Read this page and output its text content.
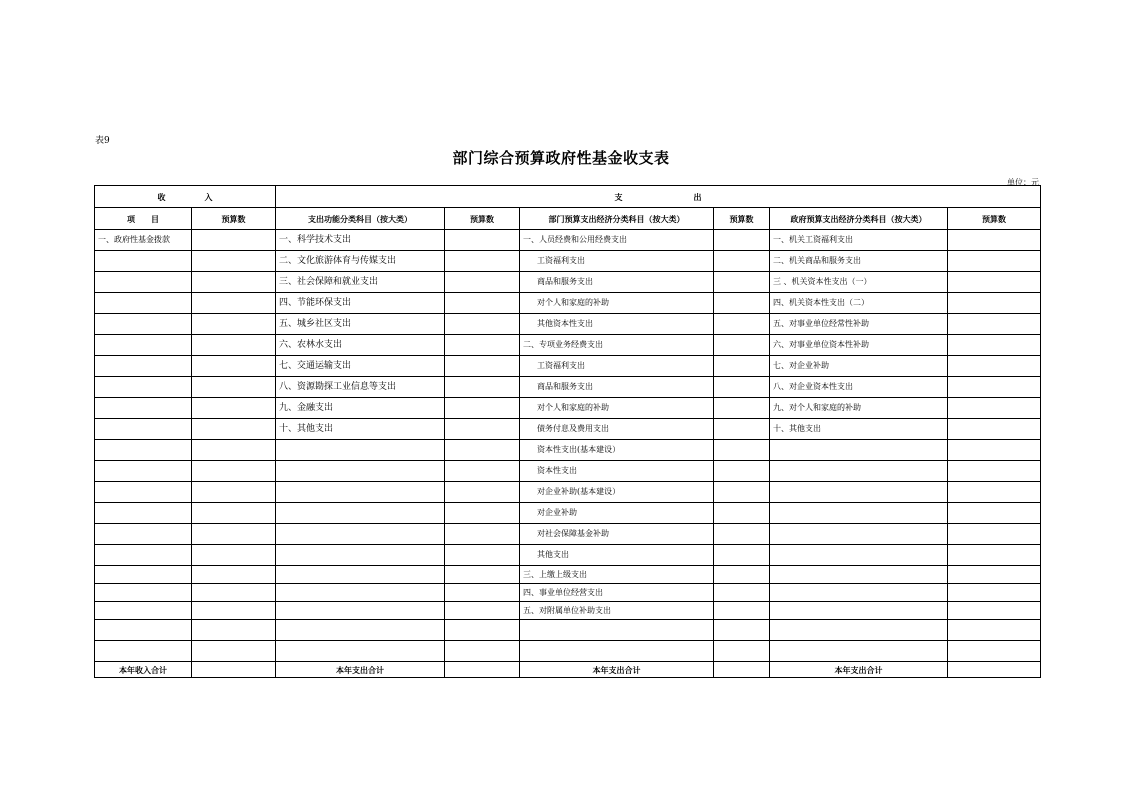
表9
部门综合预算政府性基金收支表
单位：元
收 入		支 出					

项　　目	预算数	支出功能分类科目（按大类）	预算数	部门预算支出经济分类科目（按大类）	预算数	政府预算支出经济分类科目（按大类）	预算数
一、政府性基金拨款		一、科学技术支出		一、人员经费和公用经费支出		一、机关工资福利支出	
		二、文化旅游体育与传媒支出		工资福利支出		二、机关商品和服务支出	
		三、社会保障和就业支出		商品和服务支出		三 、机关资本性支出（一）	
		四、节能环保支出		对个人和家庭的补助		四、机关资本性支出（二）	
		五、城乡社区支出		其他资本性支出		五、对事业单位经常性补助	
		六、农林水支出		二、专项业务经费支出		六、对事业单位资本性补助	
		七、交通运输支出		工资福利支出		七、对企业补助	
		八、资源勘探工业信息等支出		商品和服务支出		八、对企业资本性支出	
		九、金融支出		对个人和家庭的补助		九、对个人和家庭的补助	
		十、其他支出		债务付息及费用支出		十、其他支出	
				资本性支出(基本建设）			
				资本性支出			
				对企业补助(基本建设）			
				对企业补助			
				对社会保障基金补助			
				其他支出			
				三、上缴上级支出			
				四、事业单位经营支出			
				五、对附属单位补助支出			

本年收入合计		本年支出合计		本年支出合计		本年支出合计	
